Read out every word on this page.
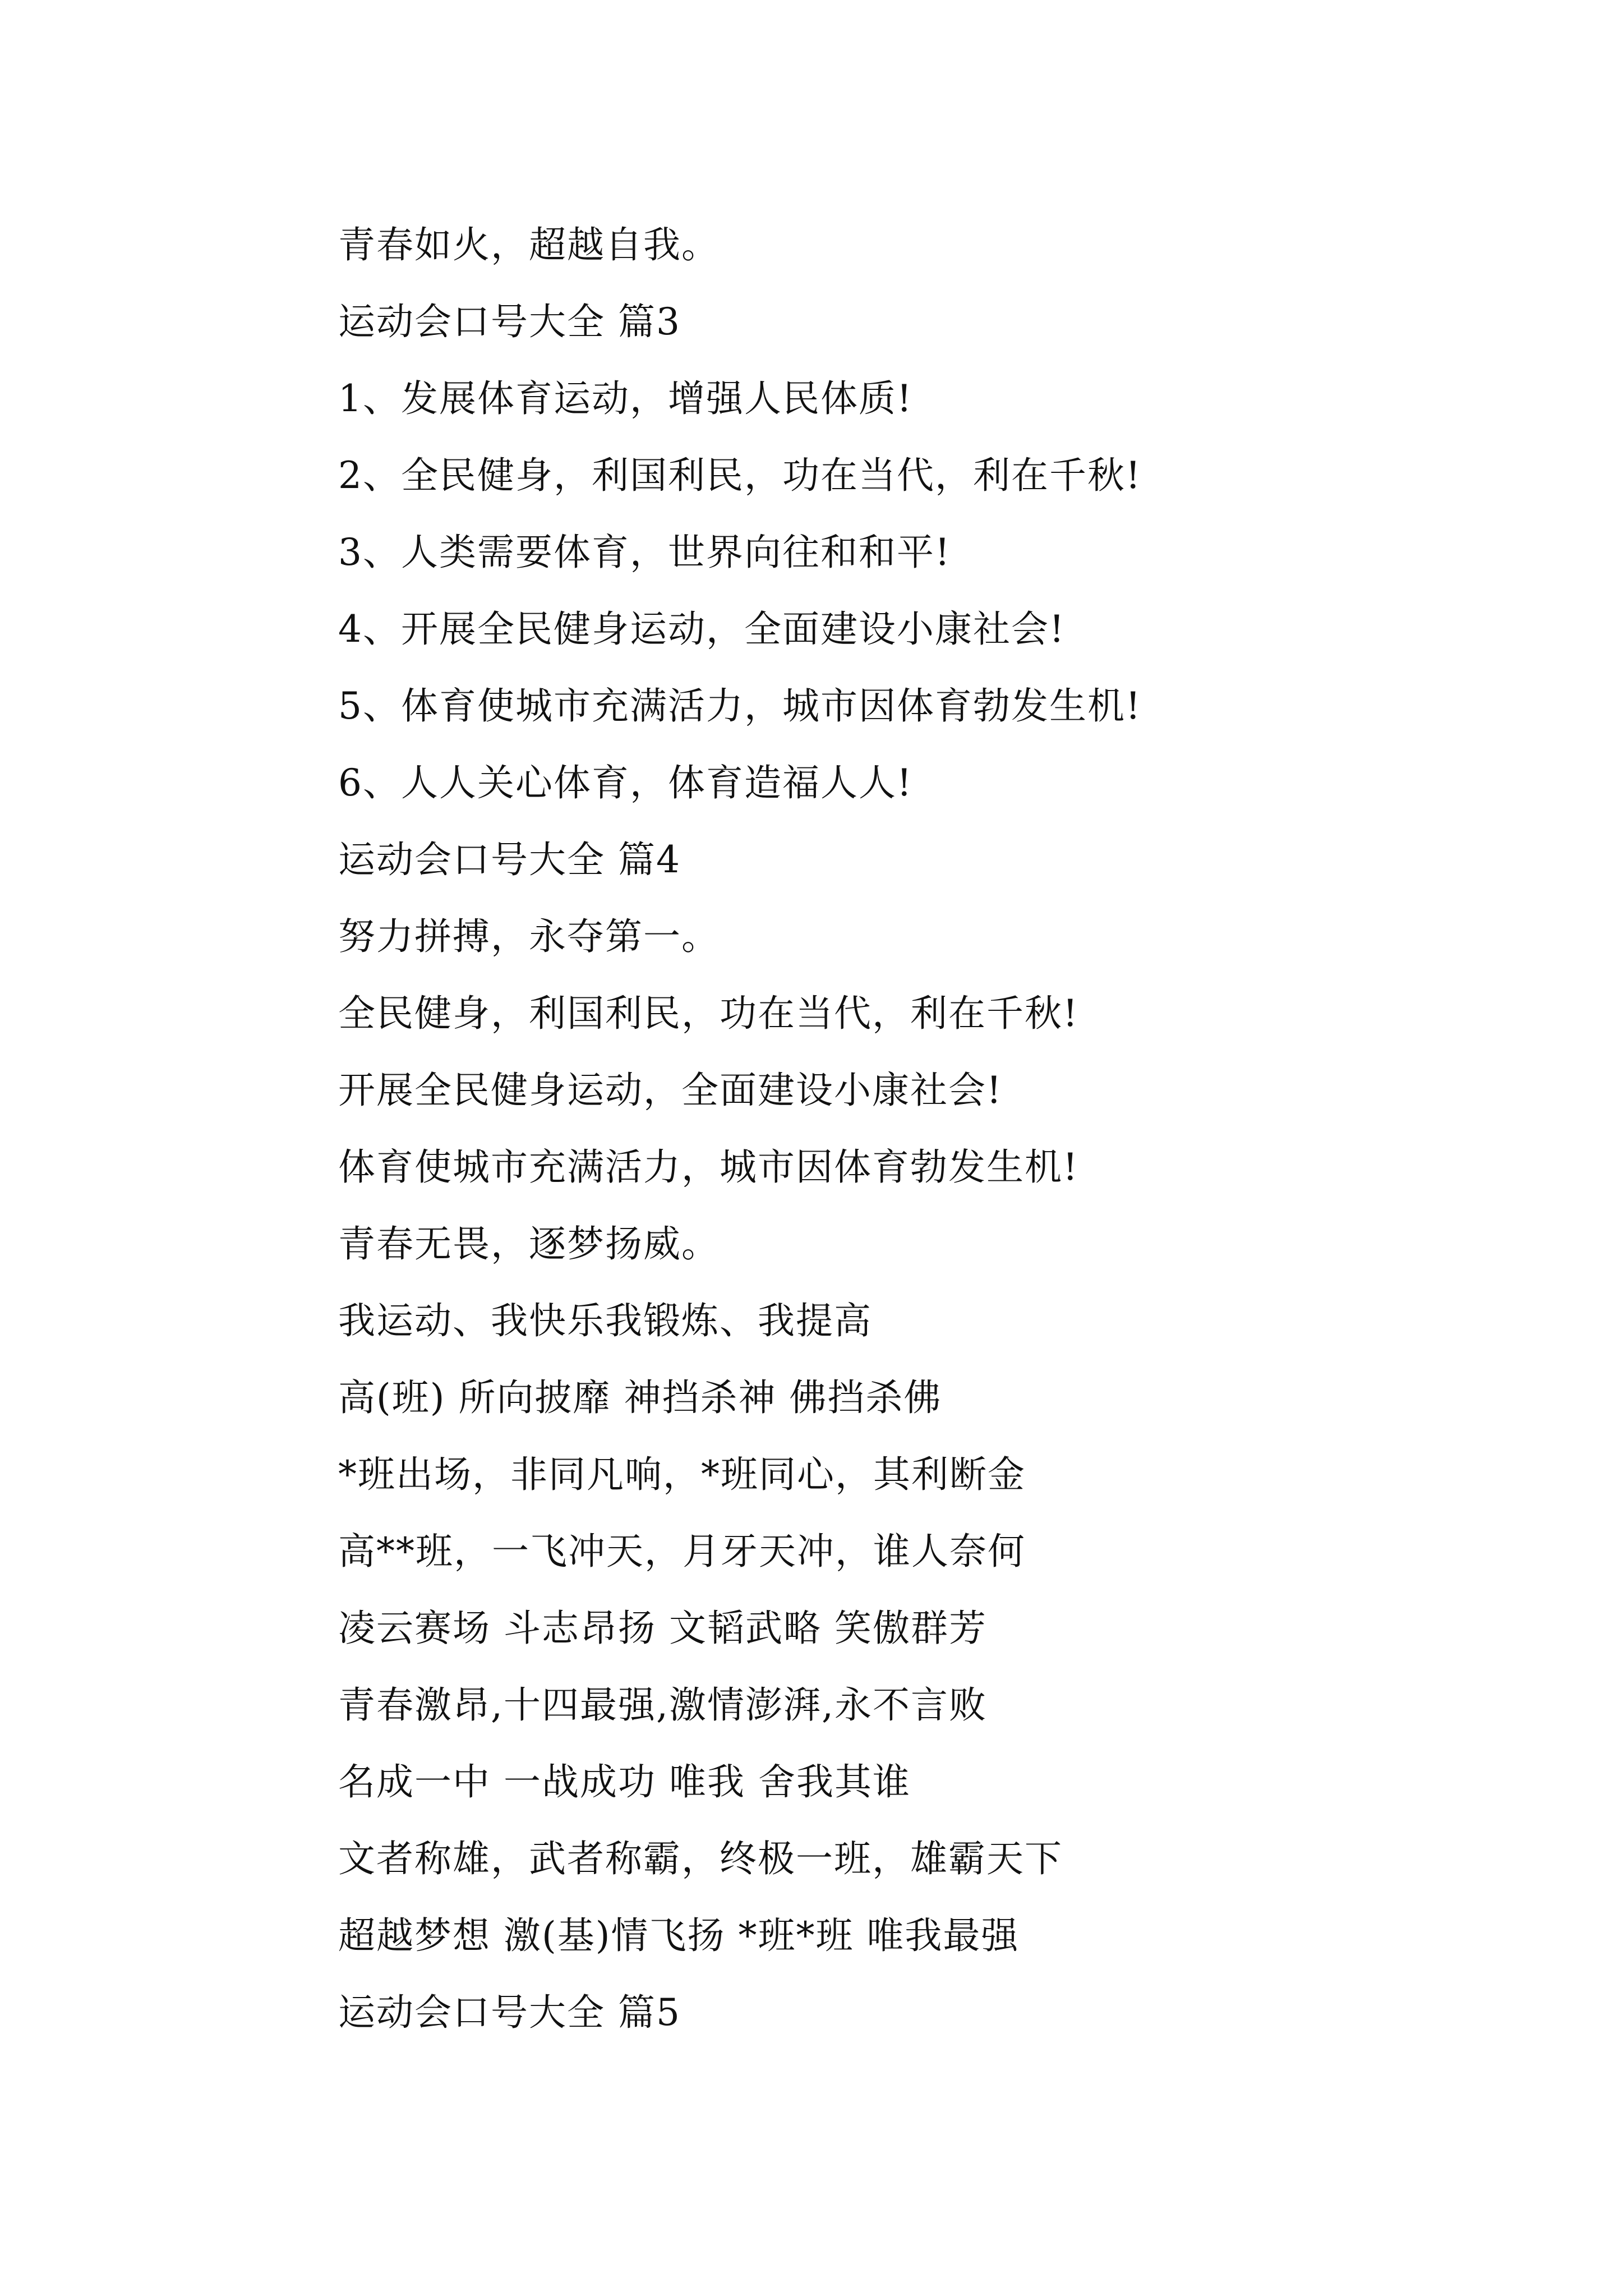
青春如火，超越自我。
运动会口号大全 篇3
1、发展体育运动，增强人民体质!
2、全民健身，利国利民，功在当代，利在千秋!
3、人类需要体育，世界向往和和平!
4、开展全民健身运动，全面建设小康社会!
5、体育使城市充满活力，城市因体育勃发生机!
6、人人关心体育，体育造福人人!
运动会口号大全 篇4
努力拼搏，永夺第一。
全民健身，利国利民，功在当代，利在千秋!
开展全民健身运动，全面建设小康社会!
体育使城市充满活力，城市因体育勃发生机!
青春无畏，逐梦扬威。
我运动、我快乐我锻炼、我提高
高(班) 所向披靡 神挡杀神 佛挡杀佛
*班出场，非同凡响，*班同心，其利断金
高**班，一飞冲天，月牙天冲，谁人奈何
凌云赛场 斗志昂扬 文韬武略 笑傲群芳
青春激昂,十四最强,激情澎湃,永不言败
名成一中 一战成功 唯我 舍我其谁
文者称雄，武者称霸，终极一班，雄霸天下
超越梦想 激(基)情飞扬 *班*班 唯我最强
运动会口号大全 篇5
